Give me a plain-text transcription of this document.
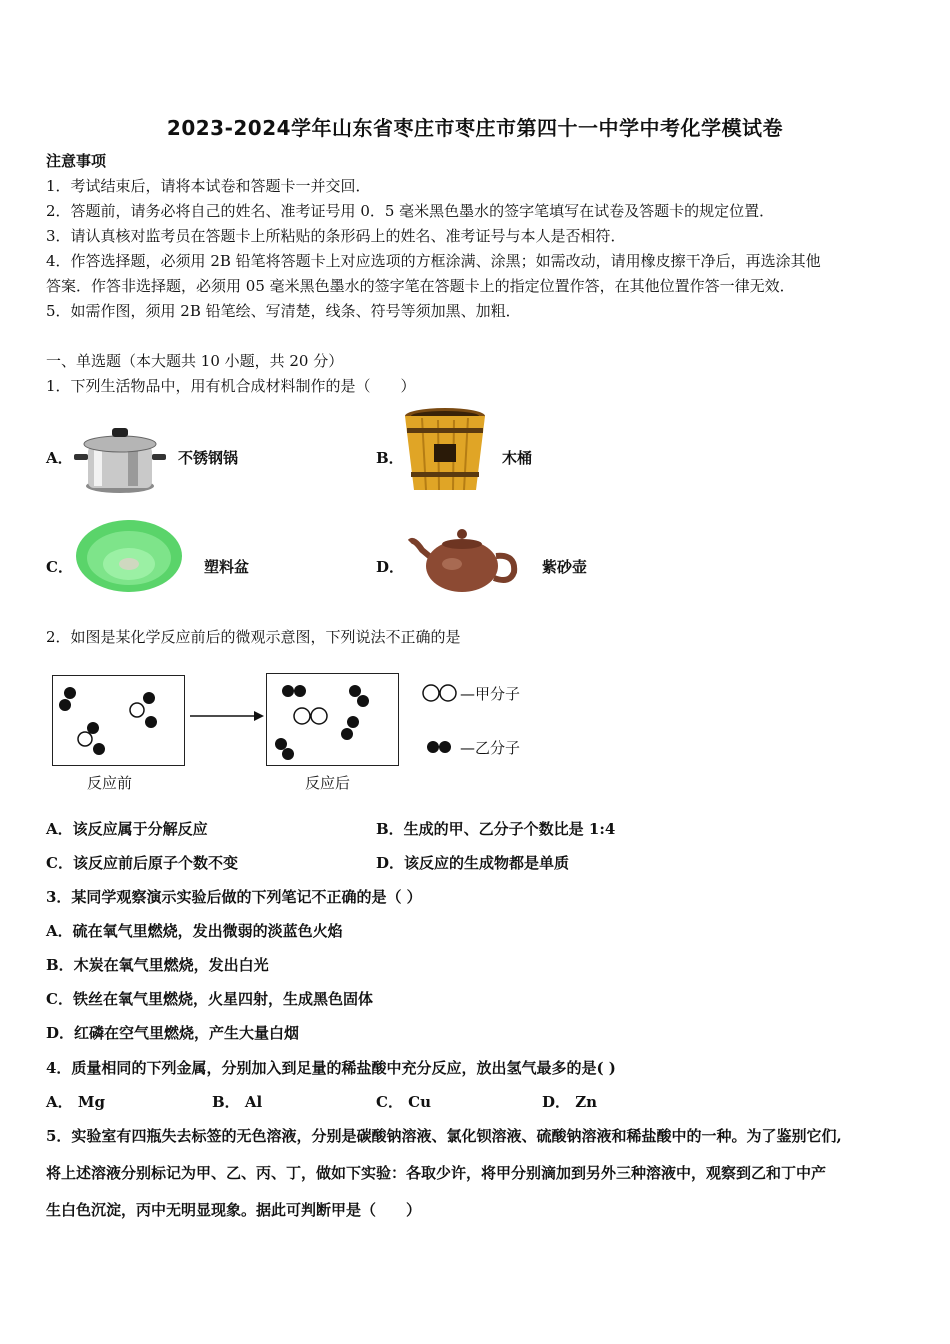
2023-2024学年山东省枣庄市枣庄市第四十一中学中考化学模试卷
注意事项
1．考试结束后，请将本试卷和答题卡一并交回．
2．答题前，请务必将自己的姓名、准考证号用 0．5 毫米黑色墨水的签字笔填写在试卷及答题卡的规定位置．
3．请认真核对监考员在答题卡上所粘贴的条形码上的姓名、准考证号与本人是否相符．
4．作答选择题，必须用 2B 铅笔将答题卡上对应选项的方框涂满、涂黑；如需改动，请用橡皮擦干净后，再选涂其他
答案．作答非选择题，必须用 05 毫米黑色墨水的签字笔在答题卡上的指定位置作答，在其他位置作答一律无效．
5．如需作图，须用 2B 铅笔绘、写清楚，线条、符号等须加黑、加粗．
一、单选题（本大题共 10 小题，共 20 分）
1．下列生活物品中，用有机合成材料制作的是（　　）
A．	不锈钢锅	B．	木桶
C．	塑料盆	D．	紫砂壶
2．如图是某化学反应前后的微观示意图，下列说法不正确的是
反应前	反应后
—甲分子
—乙分子
A．该反应属于分解反应	B．生成的甲、乙分子个数比是 1:4
C．该反应前后原子个数不变	D．该反应的生成物都是单质
3．某同学观察演示实验后做的下列笔记不正确的是（ ）
A．硫在氧气里燃烧，发出微弱的淡蓝色火焰
B．木炭在氧气里燃烧，发出白光
C．铁丝在氧气里燃烧，火星四射，生成黑色固体
D．红磷在空气里燃烧，产生大量白烟
4．质量相同的下列金属，分别加入到足量的稀盐酸中充分反应，放出氢气最多的是( )
A． Mg	B． Al	C． Cu	D． Zn
5．实验室有四瓶失去标签的无色溶液，分别是碳酸钠溶液、氯化钡溶液、硫酸钠溶液和稀盐酸中的一种。为了鉴别它们,
将上述溶液分别标记为甲、乙、丙、丁，做如下实验：各取少许，将甲分别滴加到另外三种溶液中，观察到乙和丁中产
生白色沉淀，丙中无明显现象。据此可判断甲是（　　）
